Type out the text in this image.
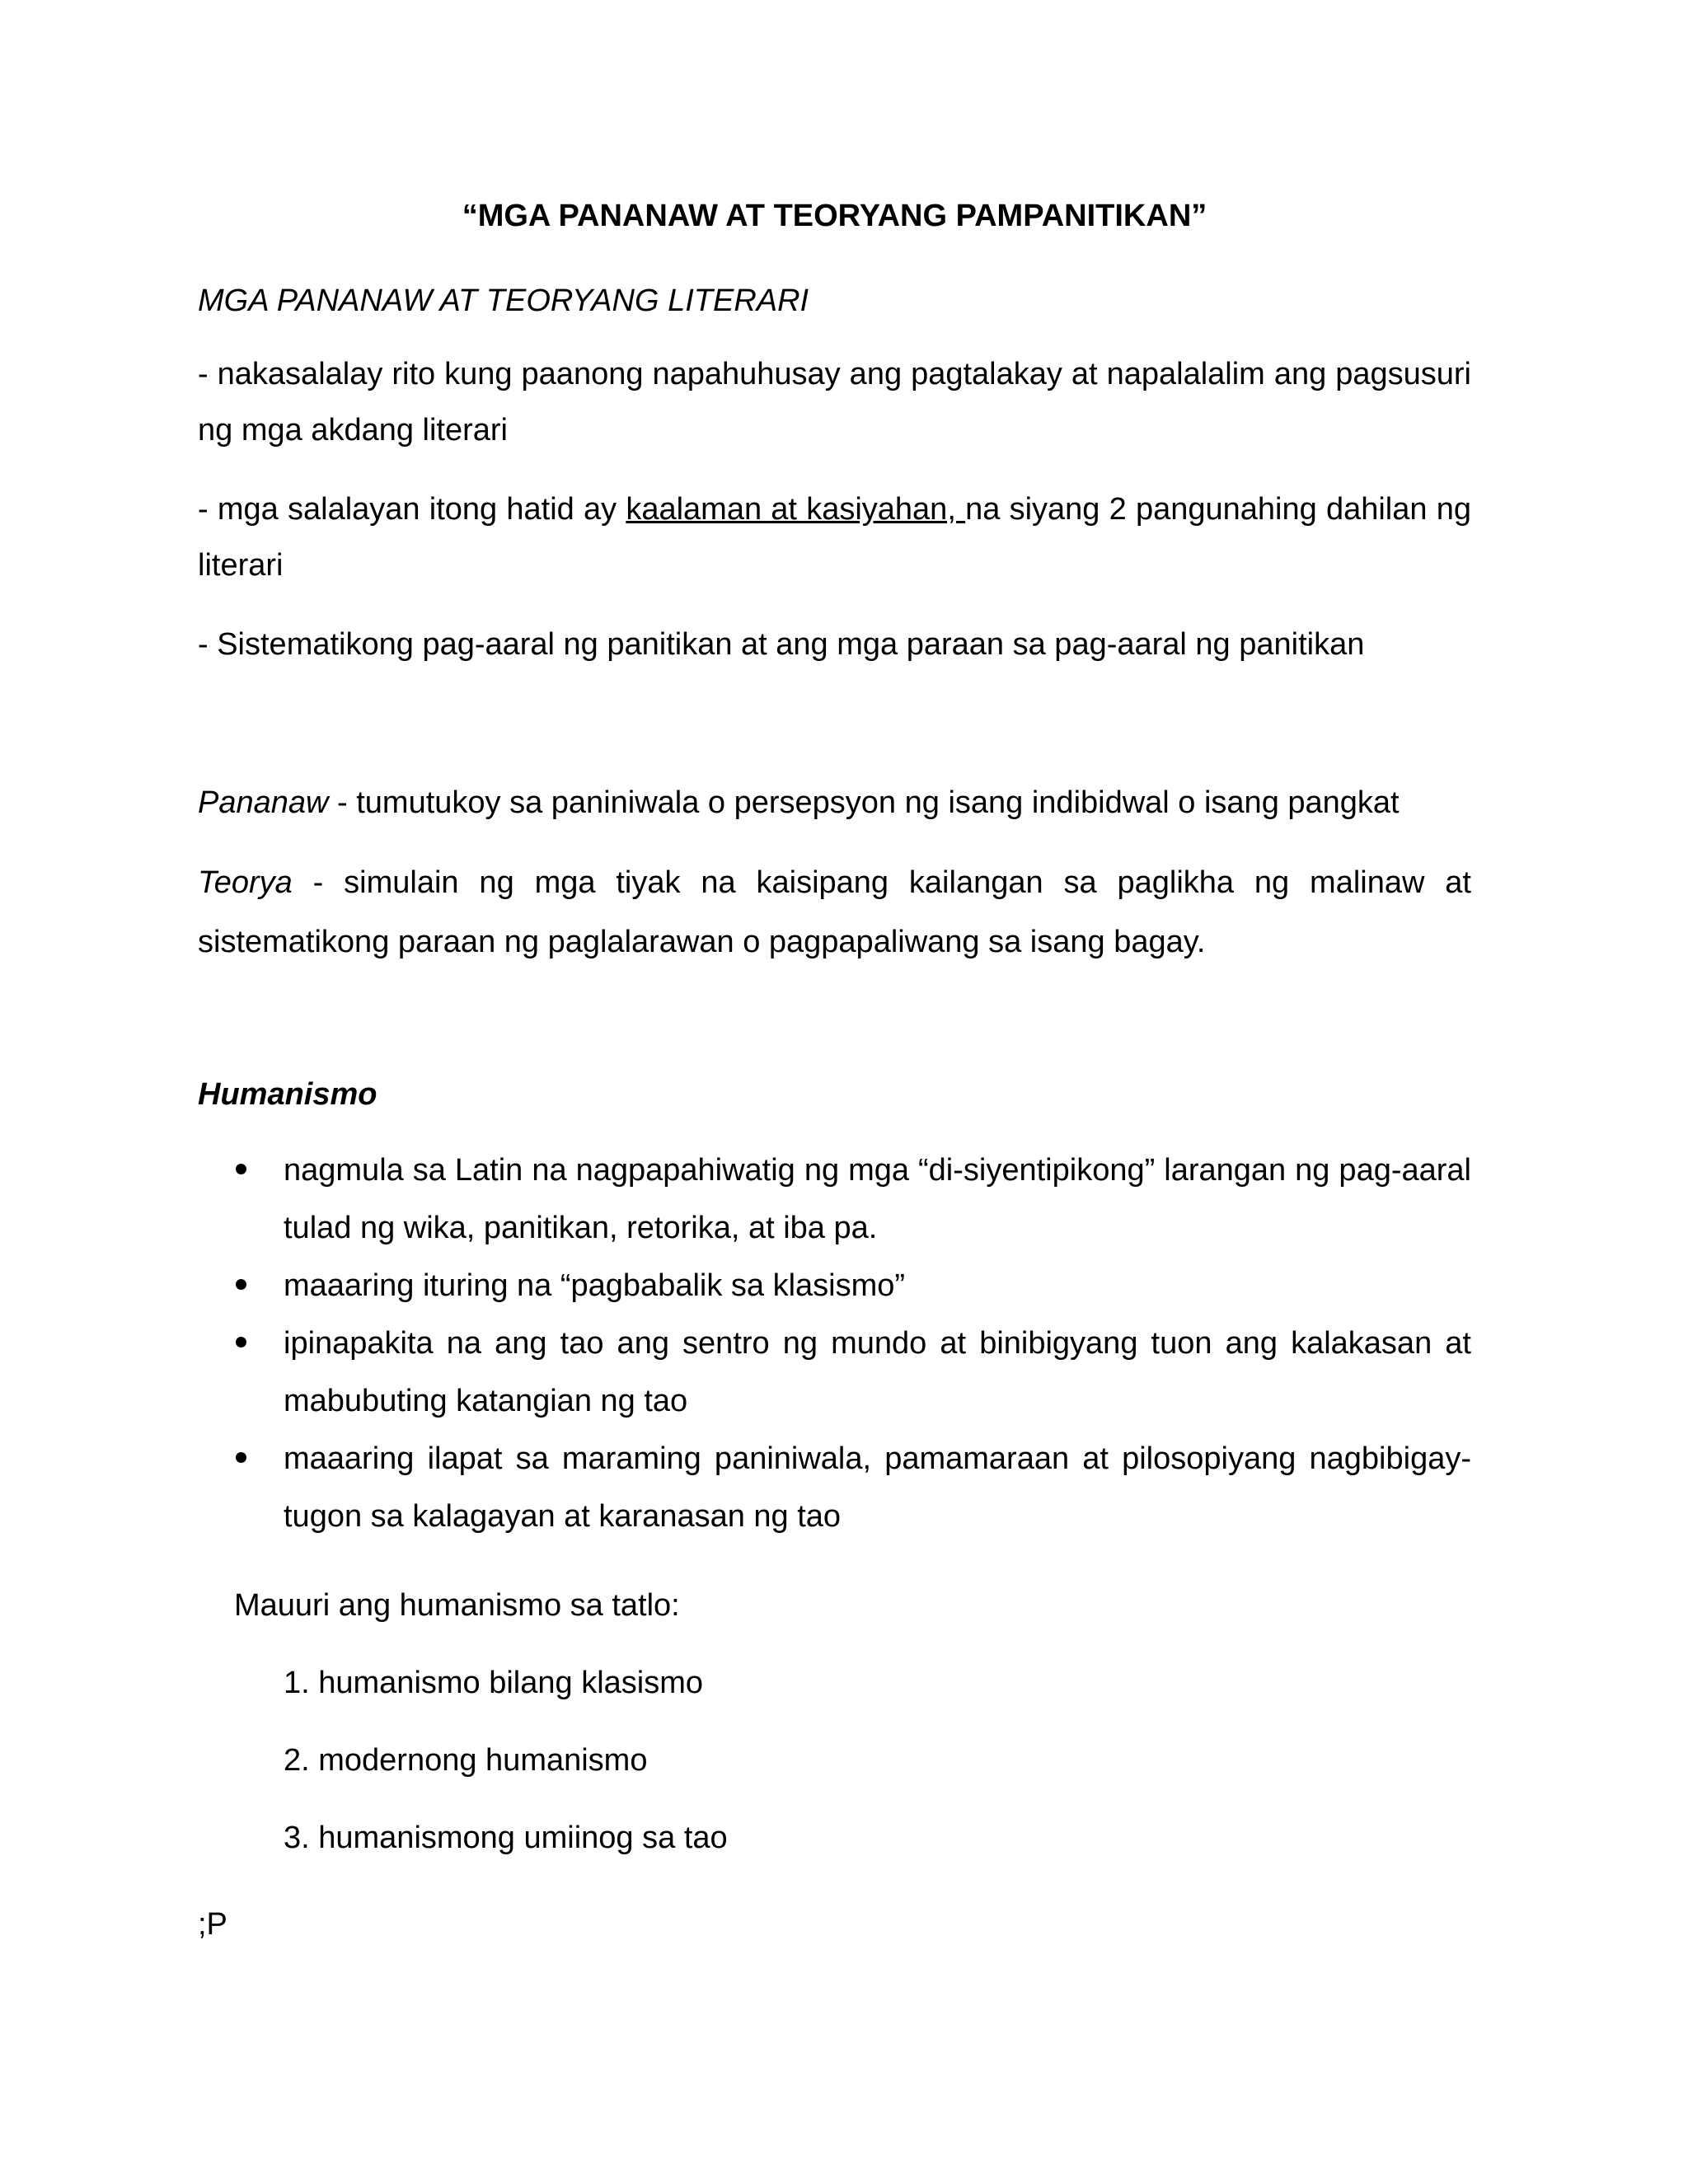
“MGA PANANAW AT TEORYANG PAMPANITIKAN”

MGA PANANAW AT TEORYANG LITERARI

- nakasalalay rito kung paanong napahuhusay ang pagtalakay at napalalalim ang pagsusuri ng mga akdang literari

- mga salalayan itong hatid ay kaalaman at kasiyahan, na siyang 2 pangunahing dahilan ng literari

- Sistematikong pag-aaral ng panitikan at ang mga paraan sa pag-aaral ng panitikan

Pananaw - tumutukoy sa paniniwala o persepsyon ng isang indibidwal o isang pangkat

Teorya - simulain ng mga tiyak na kaisipang kailangan sa paglikha ng malinaw at sistematikong paraan ng paglalarawan o pagpapaliwang sa isang bagay.

Humanismo

nagmula sa Latin na nagpapahiwatig ng mga “di-siyentipikong” larangan ng pag-aaral tulad ng wika, panitikan, retorika, at iba pa.
maaaring ituring na “pagbabalik sa klasismo”
ipinapakita na ang tao ang sentro ng mundo at binibigyang tuon ang kalakasan at mabubuting katangian ng tao
maaaring ilapat sa maraming paniniwala, pamamaraan at pilosopiyang nagbibigay-tugon sa kalagayan at karanasan ng tao

Mauuri ang humanismo sa tatlo:

1. humanismo bilang klasismo

2. modernong humanismo

3. humanismong umiinog sa tao

;P
